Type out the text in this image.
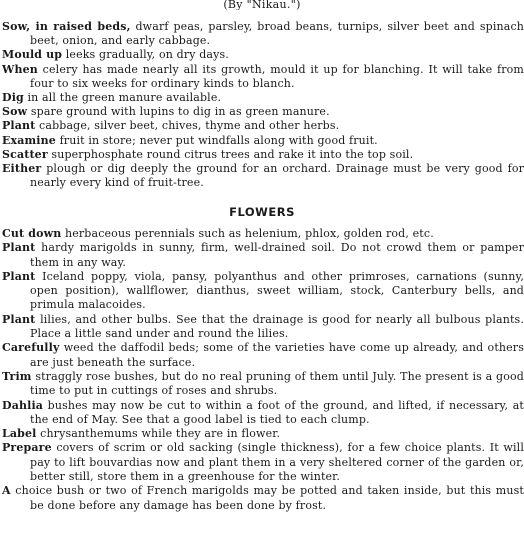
(By "Nikau.")

Sow, in raised beds, dwarf peas, parsley, broad beans, turnips, silver beet and spinach beet, onion, and early cabbage.

Mould up leeks gradually, on dry days.

When celery has made nearly all its growth, mould it up for blanching. It will take from four to six weeks for ordinary kinds to blanch.

Dig in all the green manure available.

Sow spare ground with lupins to dig in as green manure.

Plant cabbage, silver beet, chives, thyme and other herbs.

Examine fruit in store; never put windfalls along with good fruit.

Scatter superphosphate round citrus trees and rake it into the top soil.

Either plough or dig deeply the ground for an orchard. Drainage must be very good for nearly every kind of fruit-tree.

FLOWERS

Cut down herbaceous perennials such as helenium, phlox, golden rod, etc.

Plant hardy marigolds in sunny, firm, well-drained soil. Do not crowd them or pamper them in any way.

Plant Iceland poppy, viola, pansy, polyanthus and other primroses, carnations (sunny, open position), wallflower, dianthus, sweet william, stock, Canterbury bells, and primula malacoides.

Plant lilies, and other bulbs. See that the drainage is good for nearly all bulbous plants. Place a little sand under and round the lilies.

Carefully weed the daffodil beds; some of the varieties have come up already, and others are just beneath the surface.

Trim straggly rose bushes, but do no real pruning of them until July. The present is a good time to put in cuttings of roses and shrubs.

Dahlia bushes may now be cut to within a foot of the ground, and lifted, if necessary, at the end of May. See that a good label is tied to each clump.

Label chrysanthemums while they are in flower.

Prepare covers of scrim or old sacking (single thickness), for a few choice plants. It will pay to lift bouvardias now and plant them in a very sheltered corner of the garden or, better still, store them in a greenhouse for the winter.

A choice bush or two of French marigolds may be potted and taken inside, but this must be done before any damage has been done by frost.
